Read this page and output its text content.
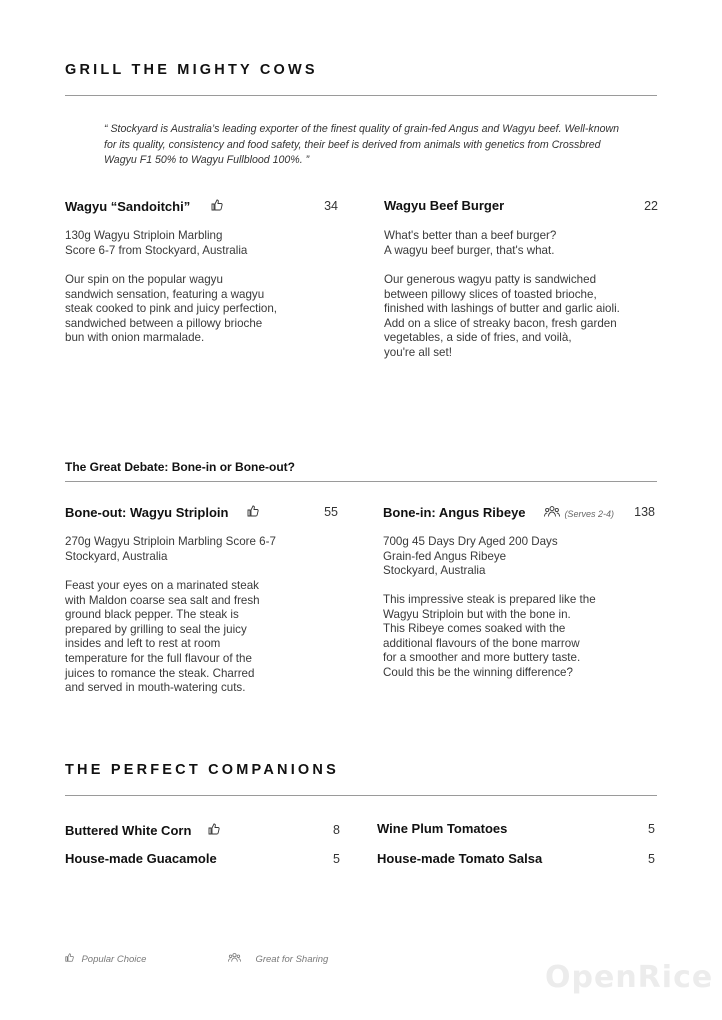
GRILL THE MIGHTY COWS
“ Stockyard is Australia’s leading exporter of the finest quality of grain-fed Angus and Wagyu beef. Well-known for its quality, consistency and food safety, their beef is derived from animals with genetics from Crossbred Wagyu F1 50% to Wagyu Fullblood 100%. ”
Wagyu “Sandoitchi”	34
130g Wagyu Striploin Marbling
Score 6-7 from Stockyard, Australia
Our spin on the popular wagyu
sandwich sensation, featuring a wagyu
steak cooked to pink and juicy perfection,
sandwiched between a pillowy brioche
bun with onion marmalade.
Wagyu Beef Burger	22
What's better than a beef burger?
A wagyu beef burger, that's what.
Our generous wagyu patty is sandwiched
between pillowy slices of toasted brioche,
finished with lashings of butter and garlic aioli.
Add on a slice of streaky bacon, fresh garden
vegetables, a side of fries, and voilà,
you're all set!
The Great Debate: Bone-in or Bone-out?
Bone-out: Wagyu Striploin	55
270g Wagyu Striploin Marbling Score 6-7
Stockyard, Australia
Feast your eyes on a marinated steak
with Maldon coarse sea salt and fresh
ground black pepper. The steak is
prepared by grilling to seal the juicy
insides and left to rest at room
temperature for the full flavour of the
juices to romance the steak. Charred
and served in mouth-watering cuts.
Bone-in: Angus Ribeye	(Serves 2-4)	138
700g 45 Days Dry Aged 200 Days
Grain-fed Angus Ribeye
Stockyard, Australia
This impressive steak is prepared like the
Wagyu Striploin but with the bone in.
This Ribeye comes soaked with the
additional flavours of the bone marrow
for a smoother and more buttery taste.
Could this be the winning difference?
THE PERFECT COMPANIONS
Buttered White Corn	8
House-made Guacamole	5
Wine Plum Tomatoes	5
House-made Tomato Salsa	5
Popular Choice	Great for Sharing
OpenRice
